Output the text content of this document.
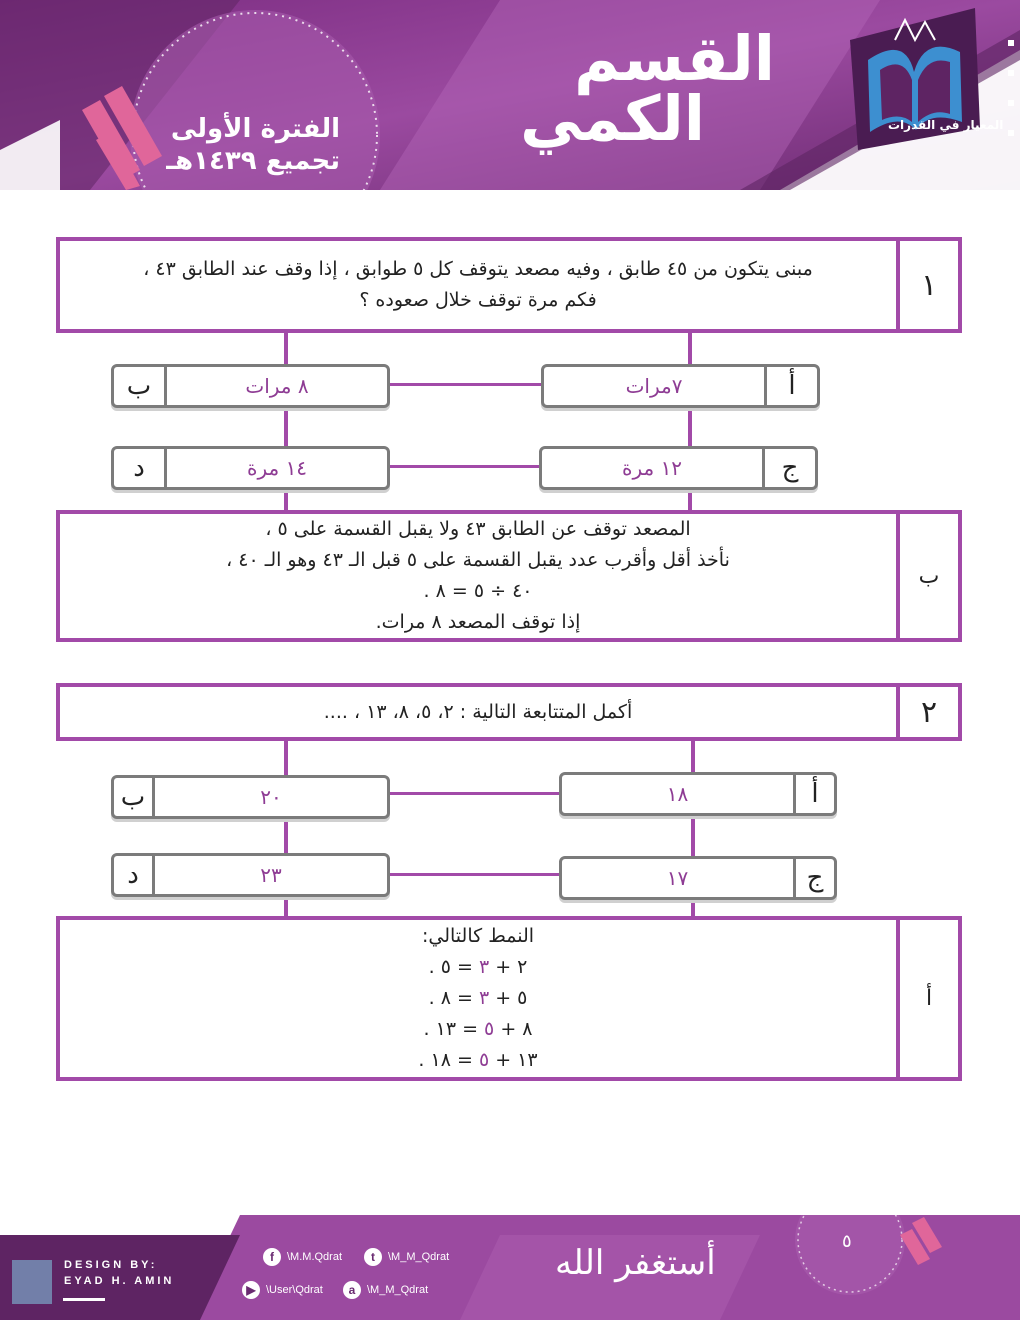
القسم
الكمي
الفترة الأولى
تجميع ١٤٣٩هـ
المعيار في القدرات
١
مبنى يتكون من ٤٥ طابق ، وفيه مصعد يتوقف كل ٥ طوابق ، إذا وقف عند الطابق ٤٣ ،
فكم مرة توقف خلال صعوده ؟
أ
٧مرات
ب	٨ مرات
ج
١٢ مرة
د	١٤ مرة
ب
المصعد توقف عن الطابق ٤٣ ولا يقبل القسمة على ٥ ،
نأخذ أقل وأقرب عدد يقبل القسمة على ٥ قبل الـ ٤٣ وهو الـ ٤٠ ،
٤٠ ÷ ٥ = ٨ .
إذا توقف المصعد ٨ مرات.
٢
أكمل المتتابعة التالية : ٢، ٥، ٨، ١٣ ، ....
أ
١٨
ب	٢٠
ج
١٧
د	٢٣
أ
النمط كالتالي:
٢ + ٣ = ٥ .
٥ + ٣ = ٨ .
٨ + ٥ = ١٣ .
١٣ + ٥ = ١٨ .
DESIGN BY:
EYAD H. AMIN
f	\M.M.Qdrat	t	\M_M_Qdrat
▶ \User\Qdrat	a	\M_M_Qdrat
أستغفر الله
٥
